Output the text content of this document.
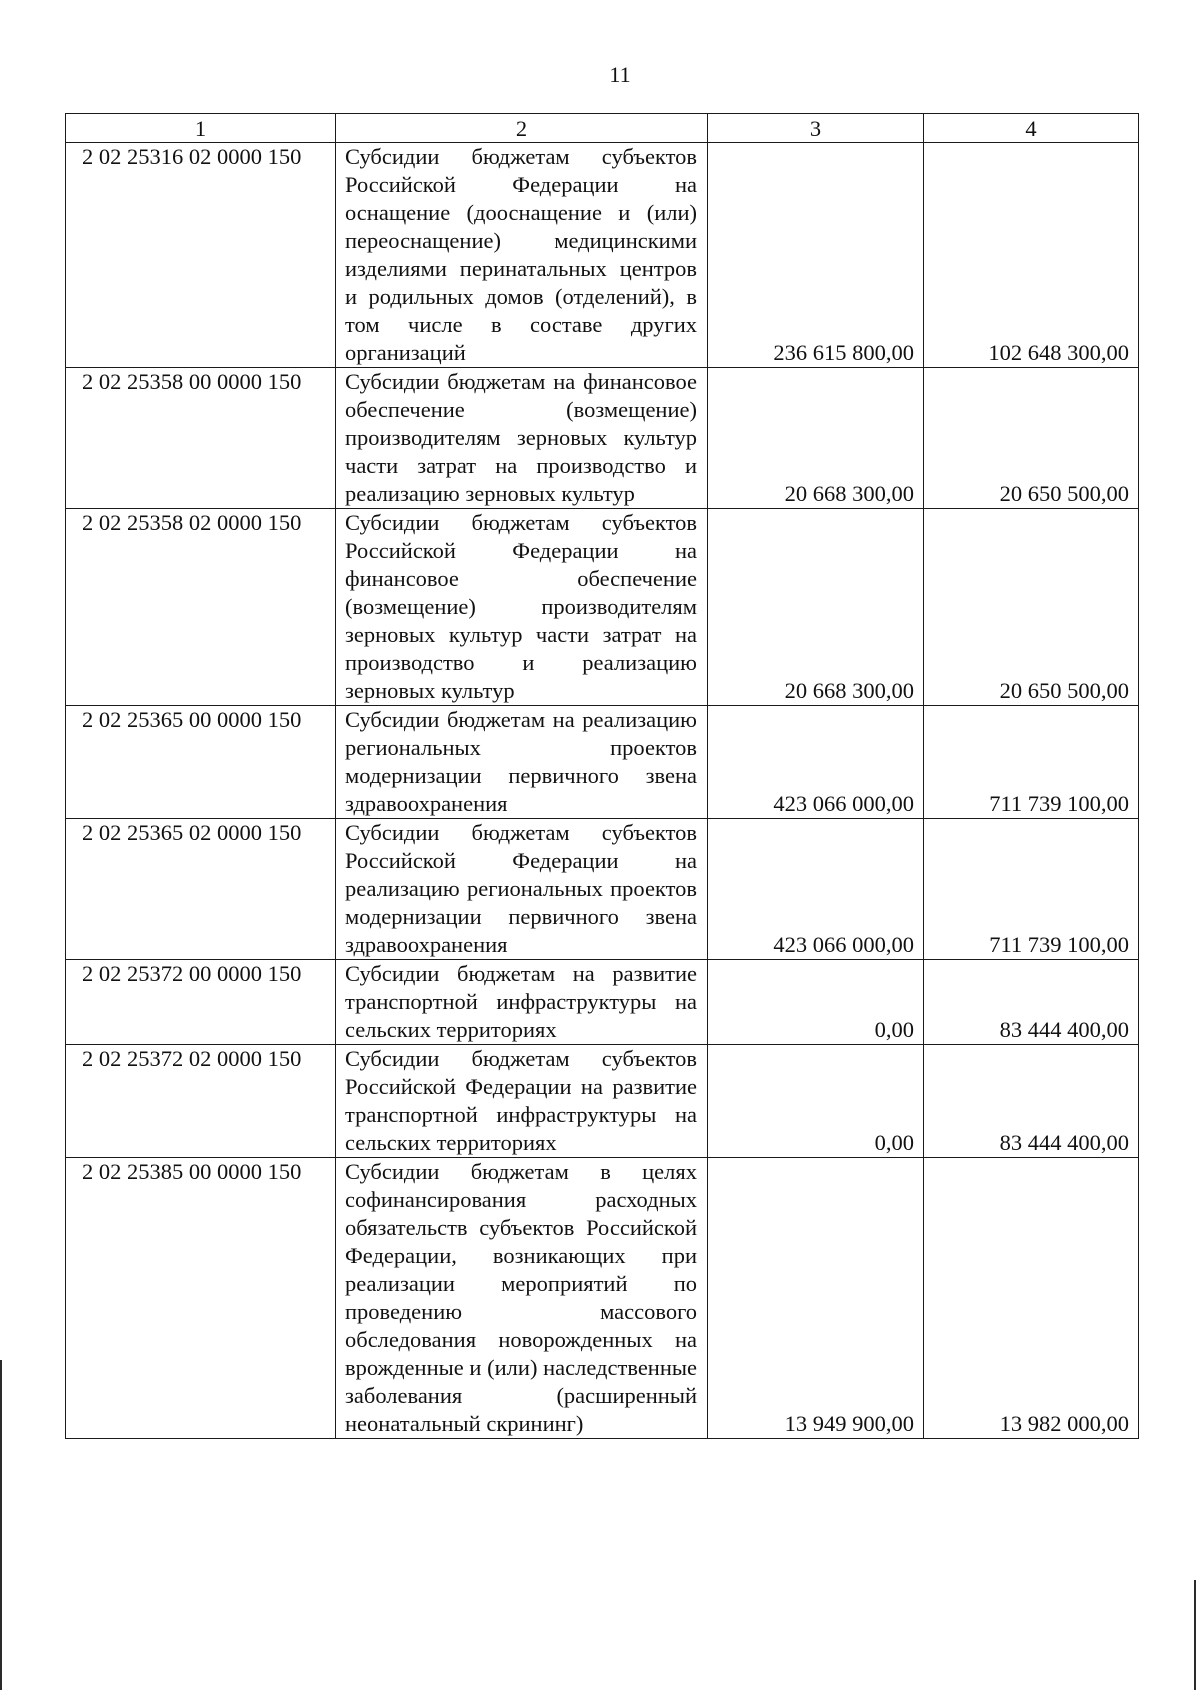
11
1	2	3	4
2 02 25316 02 0000 150	Субсидии бюджетам субъектов Российской Федерации на оснащение (дооснащение и (или) переоснащение) медицинскими изделиями перинатальных центров и родильных домов (отделений), в том числе в составе других организаций	236 615 800,00	102 648 300,00
2 02 25358 00 0000 150	Субсидии бюджетам на финансовое обеспечение (возмещение) производителям зерновых культур части затрат на производство и реализацию зерновых культур	20 668 300,00	20 650 500,00
2 02 25358 02 0000 150	Субсидии бюджетам субъектов Российской Федерации на финансовое обеспечение (возмещение) производителям зерновых культур части затрат на производство и реализацию зерновых культур	20 668 300,00	20 650 500,00
2 02 25365 00 0000 150	Субсидии бюджетам на реализацию региональных проектов модернизации первичного звена здравоохранения	423 066 000,00	711 739 100,00
2 02 25365 02 0000 150	Субсидии бюджетам субъектов Российской Федерации на реализацию региональных проектов модернизации первичного звена здравоохранения	423 066 000,00	711 739 100,00
2 02 25372 00 0000 150	Субсидии бюджетам на развитие транспортной инфраструктуры на сельских территориях	0,00	83 444 400,00
2 02 25372 02 0000 150	Субсидии бюджетам субъектов Российской Федерации на развитие транспортной инфраструктуры на сельских территориях	0,00	83 444 400,00
2 02 25385 00 0000 150	Субсидии бюджетам в целях софинансирования расходных обязательств субъектов Российской Федерации, возникающих при реализации мероприятий по проведению массового обследования новорожденных на врожденные и (или) наследственные заболевания (расширенный неонатальный скрининг)	13 949 900,00	13 982 000,00
